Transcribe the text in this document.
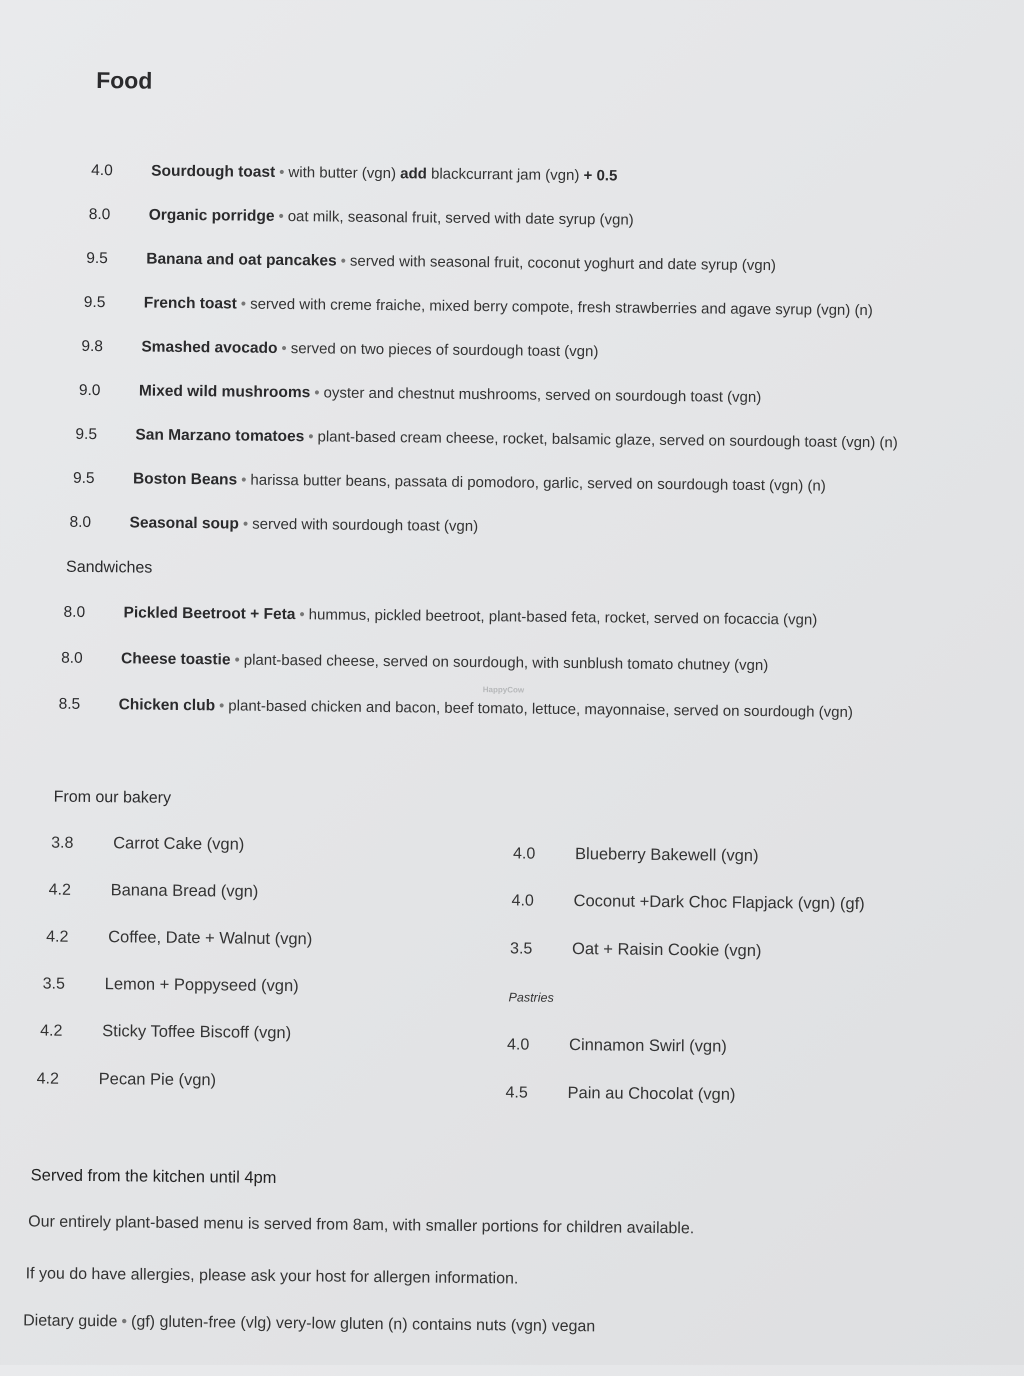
Food
4.0 Sourdough toast • with butter (vgn) add blackcurrant jam (vgn) + 0.5
8.0 Organic porridge • oat milk, seasonal fruit, served with date syrup (vgn)
9.5 Banana and oat pancakes • served with seasonal fruit, coconut yoghurt and date syrup (vgn)
9.5 French toast • served with creme fraiche, mixed berry compote, fresh strawberries and agave syrup (vgn) (n)
9.8 Smashed avocado • served on two pieces of sourdough toast (vgn)
9.0 Mixed wild mushrooms • oyster and chestnut mushrooms, served on sourdough toast (vgn)
9.5 San Marzano tomatoes • plant-based cream cheese, rocket, balsamic glaze, served on sourdough toast (vgn) (n)
9.5 Boston Beans • harissa butter beans, passata di pomodoro, garlic, served on sourdough toast (vgn) (n)
8.0 Seasonal soup • served with sourdough toast (vgn)
Sandwiches
8.0 Pickled Beetroot + Feta • hummus, pickled beetroot, plant-based feta, rocket, served on focaccia (vgn)
8.0 Cheese toastie • plant-based cheese, served on sourdough, with sunblush tomato chutney (vgn)
HappyCow
8.5 Chicken club • plant-based chicken and bacon, beef tomato, lettuce, mayonnaise, served on sourdough (vgn)
From our bakery
3.8 Carrot Cake (vgn)
4.2 Banana Bread (vgn)
4.2 Coffee, Date + Walnut (vgn)
3.5 Lemon + Poppyseed (vgn)
4.2 Sticky Toffee Biscoff (vgn)
4.2 Pecan Pie (vgn)
4.0 Blueberry Bakewell (vgn)
4.0 Coconut +Dark Choc Flapjack (vgn) (gf)
3.5 Oat + Raisin Cookie (vgn)
Pastries
4.0 Cinnamon Swirl (vgn)
4.5 Pain au Chocolat (vgn)
Served from the kitchen until 4pm
Our entirely plant-based menu is served from 8am, with smaller portions for children available.
If you do have allergies, please ask your host for allergen information.
Dietary guide • (gf) gluten-free (vlg) very-low gluten (n) contains nuts (vgn) vegan
